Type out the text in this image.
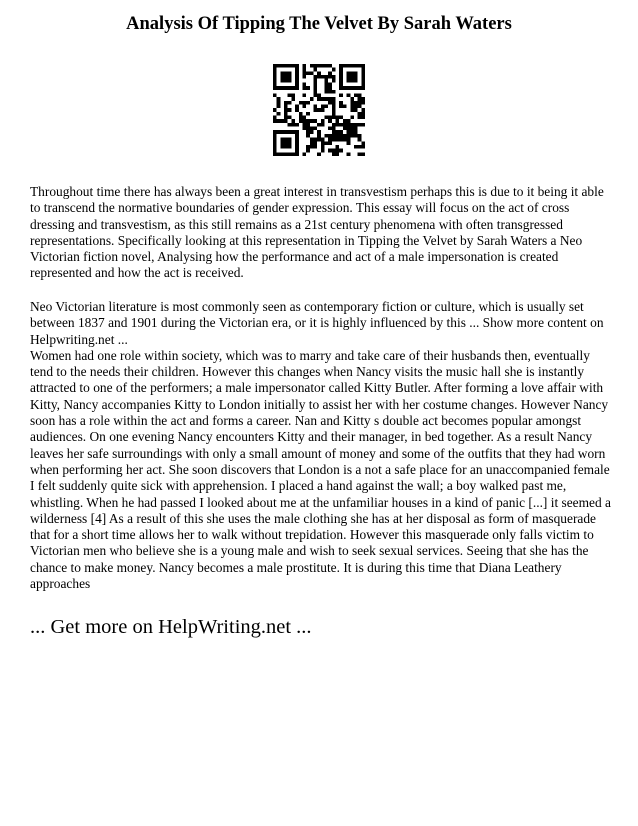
Analysis Of Tipping The Velvet By Sarah Waters

Throughout time there has always been a great interest in transvestism perhaps this is due to it being it able to transcend the normative boundaries of gender expression. This essay will focus on the act of cross dressing and transvestism, as this still remains as a 21st century phenomena with often transgressed representations. Specifically looking at this representation in Tipping the Velvet by Sarah Waters a Neo Victorian fiction novel, Analysing how the performance and act of a male impersonation is created represented and how the act is received.

Neo Victorian literature is most commonly seen as contemporary fiction or culture, which is usually set between 1837 and 1901 during the Victorian era, or it is highly influenced by this ... Show more content on Helpwriting.net ...
Women had one role within society, which was to marry and take care of their husbands then, eventually tend to the needs their children. However this changes when Nancy visits the music hall she is instantly attracted to one of the performers; a male impersonator called Kitty Butler. After forming a love affair with Kitty, Nancy accompanies Kitty to London initially to assist her with her costume changes. However Nancy soon has a role within the act and forms a career. Nan and Kitty s double act becomes popular amongst audiences. On one evening Nancy encounters Kitty and their manager, in bed together. As a result Nancy leaves her safe surroundings with only a small amount of money and some of the outfits that they had worn when performing her act. She soon discovers that London is a not a safe place for an unaccompanied female I felt suddenly quite sick with apprehension. I placed a hand against the wall; a boy walked past me, whistling. When he had passed I looked about me at the unfamiliar houses in a kind of panic [...] it seemed a wilderness [4] As a result of this she uses the male clothing she has at her disposal as form of masquerade that for a short time allows her to walk without trepidation. However this masquerade only falls victim to Victorian men who believe she is a young male and wish to seek sexual services. Seeing that she has the chance to make money. Nancy becomes a male prostitute. It is during this time that Diana Leathery approaches

... Get more on HelpWriting.net ...
